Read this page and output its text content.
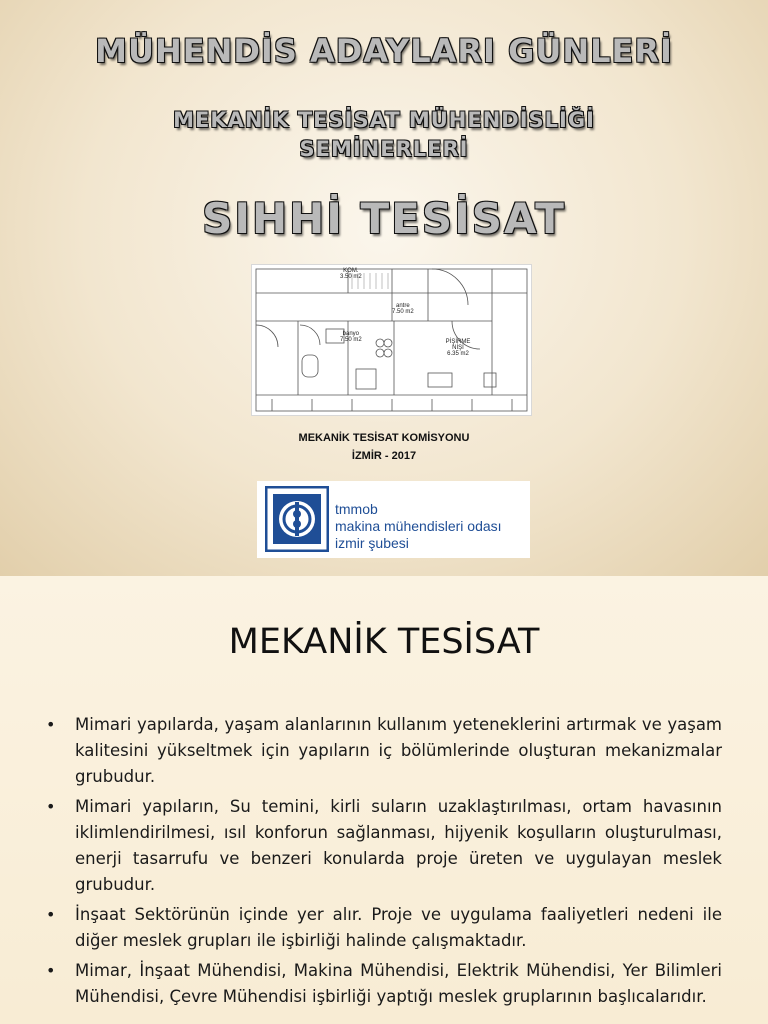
MÜHENDİS ADAYLARI GÜNLERİ
MEKANİK TESİSAT MÜHENDİSLİĞİ
SEMİNERLERİ
SIHHİ TESİSAT
KOM.
3.50 m2
antre
7.50 m2
banyo
7.50 m2	PİŞİRME NİŞİ
6.35 m2
MEKANİK TESİSAT KOMİSYONU
İZMİR - 2017
tmmob
makina mühendisleri odası
izmir şubesi
MEKANİK TESİSAT
• Mimari yapılarda, yaşam alanlarının kullanım yeteneklerini artırmak ve yaşam kalitesini yükseltmek için yapıların iç bölümlerinde oluşturan mekanizmalar grubudur.
• Mimari yapıların, Su temini, kirli suların uzaklaştırılması, ortam havasının iklimlendirilmesi, ısıl konforun sağlanması, hijyenik koşulların oluşturulması, enerji tasarrufu ve benzeri konularda proje üreten ve uygulayan meslek grubudur.
• İnşaat Sektörünün içinde yer alır. Proje ve uygulama faaliyetleri nedeni ile diğer meslek grupları ile işbirliği halinde çalışmaktadır.
• Mimar, İnşaat Mühendisi, Makina Mühendisi, Elektrik Mühendisi, Yer Bilimleri Mühendisi, Çevre Mühendisi işbirliği yaptığı meslek gruplarının başlıcalarıdır.
